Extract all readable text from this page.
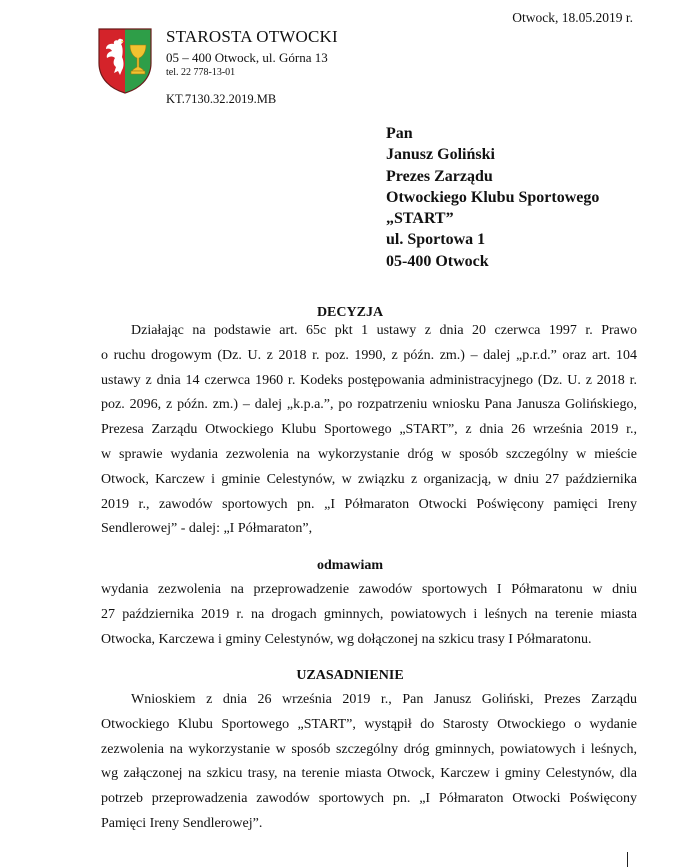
Otwock, 18.05.2019 r.
STAROSTA OTWOCKI
05 – 400 Otwock, ul. Górna 13
tel. 22 778-13-01
KT.7130.32.2019.MB
Pan
Janusz Goliński
Prezes Zarządu
Otwockiego Klubu Sportowego
„START”
ul. Sportowa 1
05-400 Otwock
DECYZJA
Działając na podstawie art. 65c pkt 1 ustawy z dnia 20 czerwca 1997 r. Prawo
o ruchu drogowym (Dz. U. z 2018 r. poz. 1990, z późn. zm.) – dalej „p.r.d.” oraz art. 104
ustawy z dnia 14 czerwca 1960 r. Kodeks postępowania administracyjnego (Dz. U. z 2018 r.
poz. 2096, z późn. zm.) – dalej „k.p.a.”, po rozpatrzeniu wniosku Pana Janusza Golińskiego,
Prezesa Zarządu Otwockiego Klubu Sportowego „START”, z dnia 26 września 2019 r.,
w sprawie wydania zezwolenia na wykorzystanie dróg w sposób szczególny w mieście
Otwock, Karczew i gminie Celestynów, w związku z organizacją, w dniu 27 października
2019 r., zawodów sportowych pn. „I Półmaraton Otwocki Poświęcony pamięci Ireny
Sendlerowej” - dalej: „I Półmaraton”,
odmawiam
wydania zezwolenia na przeprowadzenie zawodów sportowych I Półmaratonu w dniu
27 października 2019 r. na drogach gminnych, powiatowych i leśnych na terenie miasta
Otwocka, Karczewa i gminy Celestynów, wg dołączonej na szkicu trasy I Półmaratonu.
UZASADNIENIE
Wnioskiem z dnia 26 września 2019 r., Pan Janusz Goliński, Prezes Zarządu
Otwockiego Klubu Sportowego „START”, wystąpił do Starosty Otwockiego o wydanie
zezwolenia na wykorzystanie w sposób szczególny dróg gminnych, powiatowych i leśnych,
wg załączonej na szkicu trasy, na terenie miasta Otwock, Karczew i gminy Celestynów, dla
potrzeb przeprowadzenia zawodów sportowych pn. „I Półmaraton Otwocki Poświęcony
Pamięci Ireny Sendlerowej”.
